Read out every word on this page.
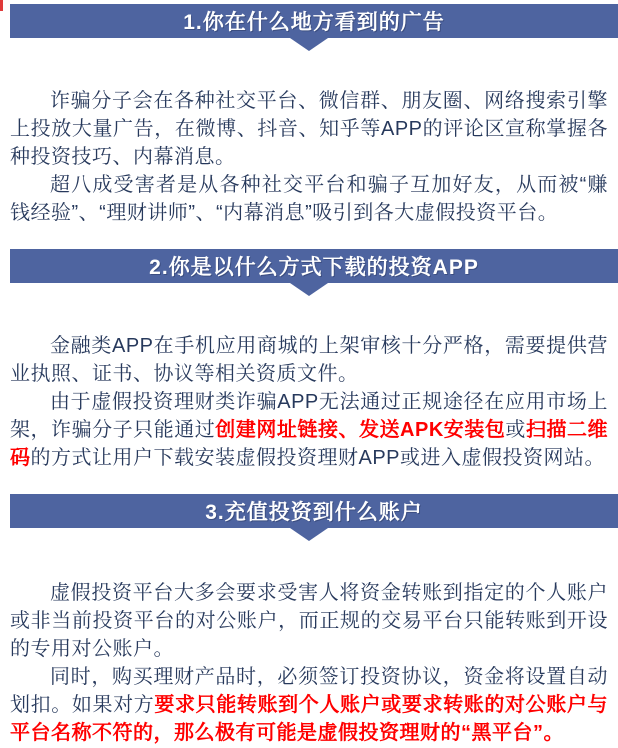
1.你在什么地方看到的广告

诈骗分子会在各种社交平台、微信群、朋友圈、网络搜索引擎上投放大量广告，在微博、抖音、知乎等APP的评论区宣称掌握各种投资技巧、内幕消息。

超八成受害者是从各种社交平台和骗子互加好友，从而被“赚钱经验”、“理财讲师”、“内幕消息”吸引到各大虚假投资平台。

2.你是以什么方式下载的投资APP

金融类APP在手机应用商城的上架审核十分严格，需要提供营业执照、证书、协议等相关资质文件。

由于虚假投资理财类诈骗APP无法通过正规途径在应用市场上架，诈骗分子只能通过创建网址链接、发送APK安装包或扫描二维码的方式让用户下载安装虚假投资理财APP或进入虚假投资网站。

3.充值投资到什么账户

虚假投资平台大多会要求受害人将资金转账到指定的个人账户或非当前投资平台的对公账户，而正规的交易平台只能转账到开设的专用对公账户。

同时，购买理财产品时，必须签订投资协议，资金将设置自动划扣。如果对方要求只能转账到个人账户或要求转账的对公账户与平台名称不符的，那么极有可能是虚假投资理财的“黑平台”。
